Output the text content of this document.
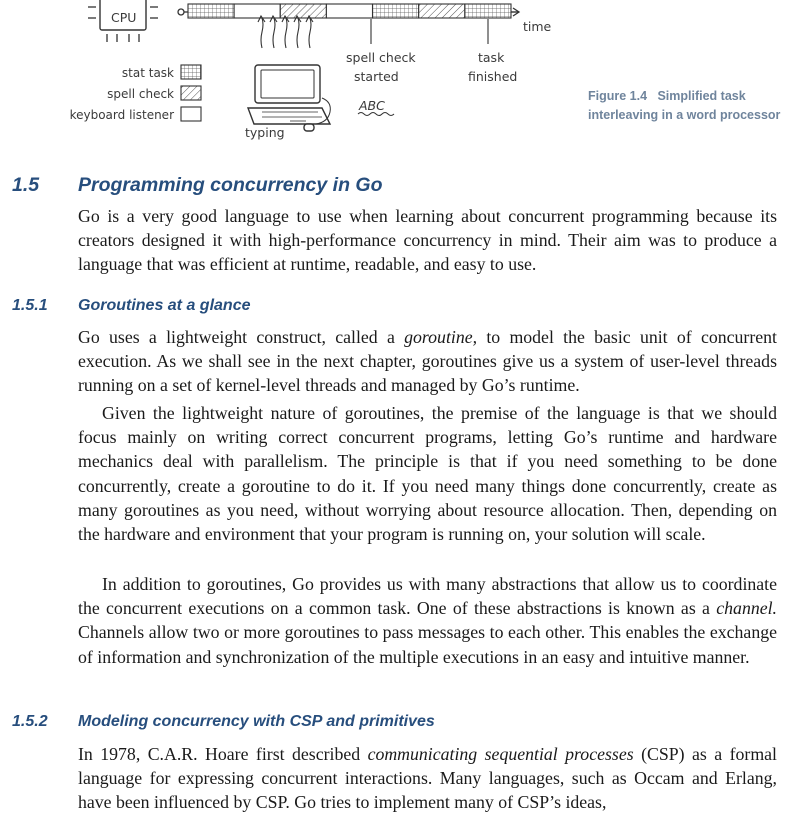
CPU
time
spell check
started
task
finished
ABC
typing
stat task
spell check
keyboard listener
Figure 1.4 Simplified task interleaving in a word processor
1.5 Programming concurrency in Go

Go is a very good language to use when learning about concurrent programming because its creators designed it with high-performance concurrency in mind. Their aim was to produce a language that was efficient at runtime, readable, and easy to use.

1.5.1 Goroutines at a glance

Go uses a lightweight construct, called a goroutine, to model the basic unit of concurrent execution. As we shall see in the next chapter, goroutines give us a system of user-level threads running on a set of kernel-level threads and managed by Go’s runtime.

Given the lightweight nature of goroutines, the premise of the language is that we should focus mainly on writing correct concurrent programs, letting Go’s runtime and hardware mechanics deal with parallelism. The principle is that if you need something to be done concurrently, create a goroutine to do it. If you need many things done concurrently, create as many goroutines as you need, without worrying about resource allocation. Then, depending on the hardware and environment that your program is running on, your solution will scale.

In addition to goroutines, Go provides us with many abstractions that allow us to coordinate the concurrent executions on a common task. One of these abstractions is known as a channel. Channels allow two or more goroutines to pass messages to each other. This enables the exchange of information and synchronization of the multiple executions in an easy and intuitive manner.

1.5.2 Modeling concurrency with CSP and primitives

In 1978, C.A.R. Hoare first described communicating sequential processes (CSP) as a formal language for expressing concurrent interactions. Many languages, such as Occam and Erlang, have been influenced by CSP. Go tries to implement many of CSP’s ideas,
